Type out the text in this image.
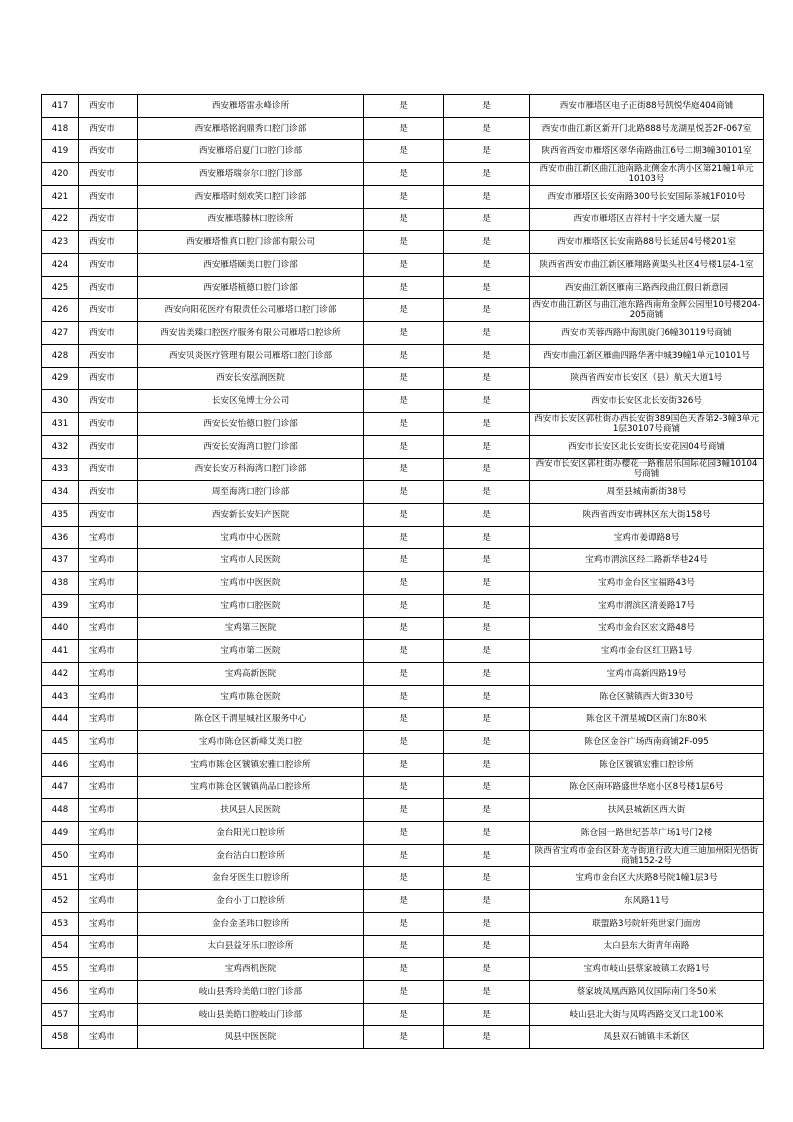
417	西安市	西安雁塔雷永峰诊所	是	是	西安市雁塔区电子正街88号凯悦华庭404商铺
418	西安市	西安雁塔铭润鼎秀口腔门诊部	是	是	西安市曲江新区新开门北路888号龙湖星悦荟2F-067室
419	西安市	西安雁塔启夏门口腔门诊部	是	是	陕西省西安市雁塔区翠华南路曲江6号二期3幢30101室
420	西安市	西安雁塔瑞奈尔口腔门诊部	是	是	西安市曲江新区曲江池南路北侧金水湾小区第21幢1单元10103号
421	西安市	西安雁塔时刻欢笑口腔门诊部	是	是	西安市雁塔区长安南路300号长安国际茶城1F010号
422	西安市	西安雁塔滕林口腔诊所	是	是	西安市雁塔区吉祥村十字交通大厦一层
423	西安市	西安雁塔惟真口腔门诊部有限公司	是	是	西安市雁塔区长安南路88号长延居4号楼201室
424	西安市	西安雁塔颐美口腔门诊部	是	是	陕西省西安市曲江新区雁翔路黄渠头社区4号楼1层4-1室
425	西安市	西安雁塔植德口腔门诊部	是	是	西安曲江新区雁南三路西段曲江假日新意园
426	西安市	西安向阳花医疗有限责任公司雁塔口腔门诊部	是	是	西安市曲江新区与曲江池东路西南角金辉公园里10号楼204-205商铺
427	西安市	西安齿美臻口腔医疗服务有限公司雁塔口腔诊所	是	是	西安市芙蓉西路中海凯旋门6幢30119号商铺
428	西安市	西安贝炎医疗管理有限公司雁塔口腔门诊部	是	是	西安市曲江新区雁曲四路华著中城39幢1单元10101号
429	西安市	西安长安泓润医院	是	是	陕西省西安市长安区（县）航天大道1号
430	西安市	长安区兔博士分公司	是	是	西安市长安区北长安街326号
431	西安市	西安长安怡德口腔门诊部	是	是	西安市长安区郭杜街办西长安街389国色天香第2-3幢3单元1层30107号商铺
432	西安市	西安长安海湾口腔门诊部	是	是	西安市长安区北长安街长安花园04号商铺
433	西安市	西安长安万科海湾口腔门诊部	是	是	西安市长安区郭杜街办樱花一路雅居乐国际花园3幢10104号商铺
434	西安市	周至海湾口腔门诊部	是	是	周至县城南新街38号
435	西安市	西安新长安妇产医院	是	是	陕西省西安市碑林区东大街158号
436	宝鸡市	宝鸡市中心医院	是	是	宝鸡市姜谭路8号
437	宝鸡市	宝鸡市人民医院	是	是	宝鸡市渭滨区经二路新华巷24号
438	宝鸡市	宝鸡市中医医院	是	是	宝鸡市金台区宝福路43号
439	宝鸡市	宝鸡市口腔医院	是	是	宝鸡市渭滨区清姜路17号
440	宝鸡市	宝鸡第三医院	是	是	宝鸡市金台区宏文路48号
441	宝鸡市	宝鸡市第二医院	是	是	宝鸡市金台区红卫路1号
442	宝鸡市	宝鸡高新医院	是	是	宝鸡市高新四路19号
443	宝鸡市	宝鸡市陈仓医院	是	是	陈仓区虢镇西大街330号
444	宝鸡市	陈仓区千渭星城社区服务中心	是	是	陈仓区千渭星城D区南门东80米
445	宝鸡市	宝鸡市陈仓区新峰艾美口腔	是	是	陈仓区金谷广场西南商铺2F-095
446	宝鸡市	宝鸡市陈仓区虢镇宏雅口腔诊所	是	是	陈仓区虢镇宏雅口腔诊所
447	宝鸡市	宝鸡市陈仓区虢镇尚品口腔诊所	是	是	陈仓区南环路盛世华庭小区8号楼1层6号
448	宝鸡市	扶风县人民医院	是	是	扶风县城新区西大街
449	宝鸡市	金台阳光口腔诊所	是	是	陈仓园一路世纪荟萃广场1号门2楼
450	宝鸡市	金台洁白口腔诊所	是	是	陕西省宝鸡市金台区卧龙寺街道行政大道三迪加州阳光悟街商铺152-2号
451	宝鸡市	金台牙医生口腔诊所	是	是	宝鸡市金台区大庆路8号院1幢1层3号
452	宝鸡市	金台小丁口腔诊所	是	是	东风路11号
453	宝鸡市	金台金圣玮口腔诊所	是	是	联盟路3号院轩苑世家门面房
454	宝鸡市	太白县益牙乐口腔诊所	是	是	太白县东大街青年南路
455	宝鸡市	宝鸡西机医院	是	是	宝鸡市岐山县蔡家坡镇工农路1号
456	宝鸡市	岐山县秀玲美皓口腔门诊部	是	是	蔡家坡凤凰西路风仪国际南门冬50米
457	宝鸡市	岐山县美皓口腔岐山门诊部	是	是	岐山县北大街与凤鸣西路交叉口北100米
458	宝鸡市	凤县中医医院	是	是	凤县双石铺镇丰禾新区
